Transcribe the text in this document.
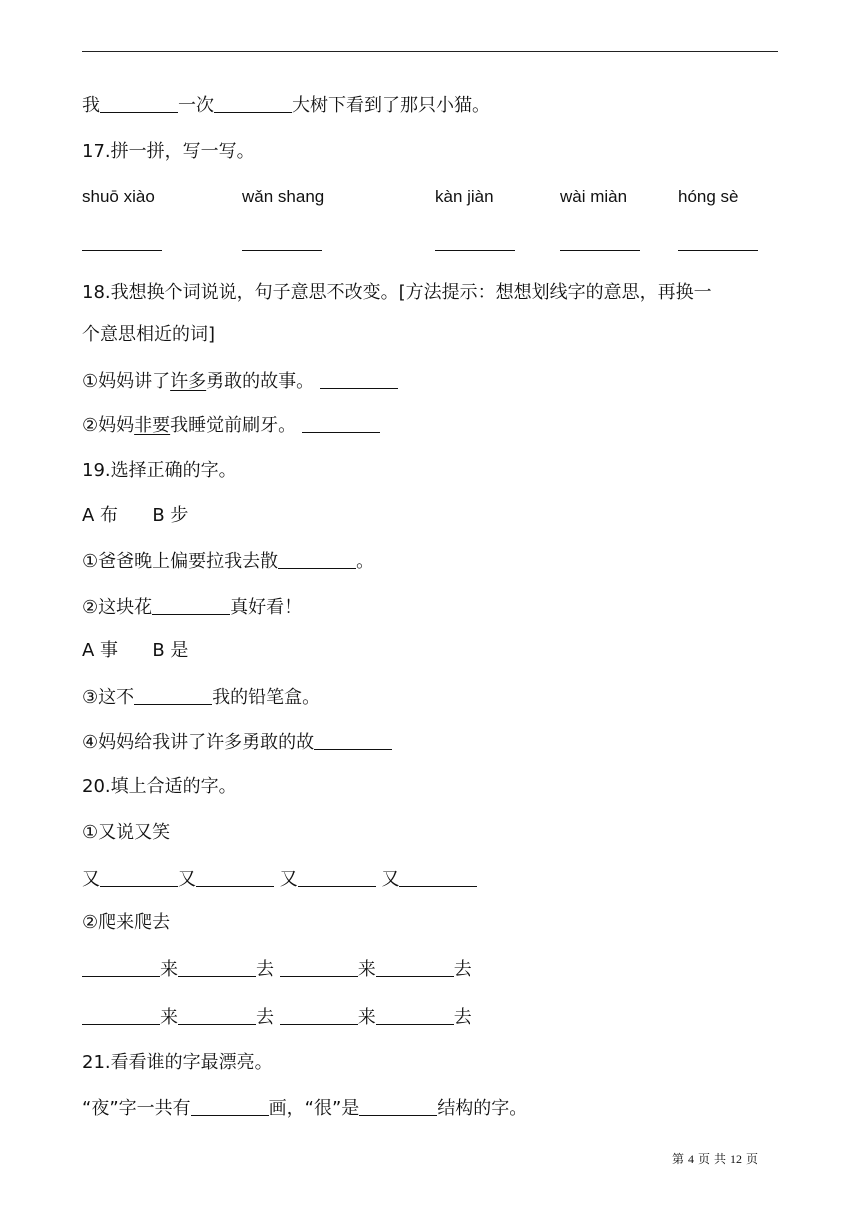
我	一次	大树下看到了那只小猫。
17.拼一拼，写一写。
shuō xiào	wǎn shang	kàn jiàn	wài miàn	hóng sè
18.我想换个词说说，句子意思不改变。[方法提示：想想划线字的意思，再换一
个意思相近的词]
①妈妈讲了许多勇敢的故事。
②妈妈非要我睡觉前刷牙。
19.选择正确的字。
A 布      B 步
①爸爸晚上偏要拉我去散	。
②这块花	真好看！
A 事      B 是
③这不	我的铅笔盒。
④妈妈给我讲了许多勇敢的故
20.填上合适的字。
①又说又笑
又	又	又	又
②爬来爬去
来	去	来	去
来	去	来	去
21.看看谁的字最漂亮。
“夜”字一共有	画，“很”是	结构的字。
第 4 页 共 12 页
